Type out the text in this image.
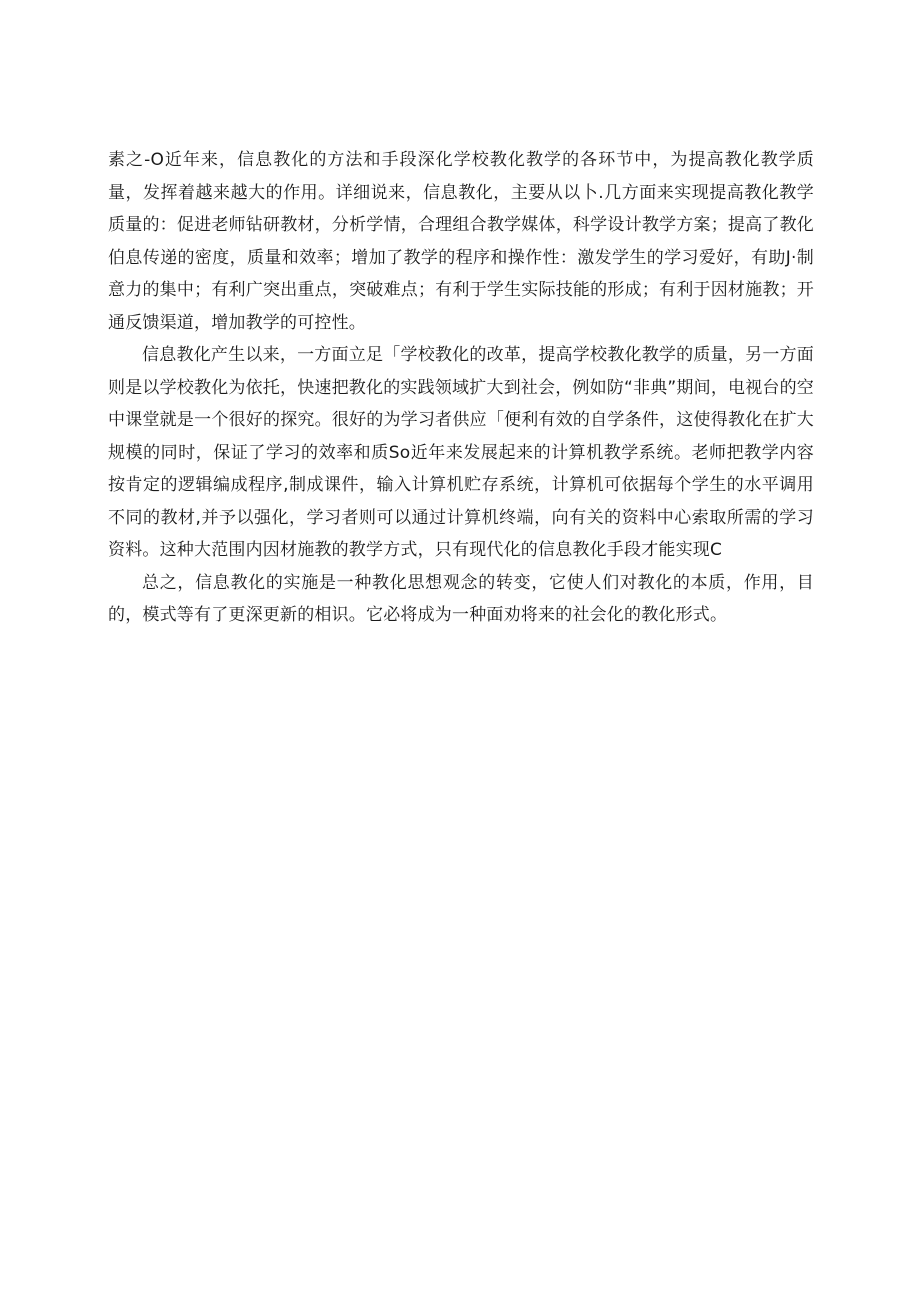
素之-O近年来，信息教化的方法和手段深化学校教化教学的各环节中，为提高教化教学质量，发挥着越来越大的作用。详细说来，信息教化，主要从以卜.几方面来实现提高教化教学质量的：促进老师钻研教材，分析学情，合理组合教学媒体，科学设计教学方案；提高了教化伯息传递的密度，质量和效率；增加了教学的程序和操作性：激发学生的学习爱好，有助J·制意力的集中；有利广突出重点，突破难点；有利于学生实际技能的形成；有利于因材施教；开通反馈渠道，增加教学的可控性。

信息教化产生以来，一方面立足「学校教化的改革，提高学校教化教学的质量，另一方面则是以学校教化为依托，快速把教化的实践领域扩大到社会，例如防“非典”期间，电视台的空中课堂就是一个很好的探究。很好的为学习者供应「便利有效的自学条件，这使得教化在扩大规模的同时，保证了学习的效率和质So近年来发展起来的计算机教学系统。老师把教学内容按肯定的逻辑编成程序,制成课件，输入计算机贮存系统，计算机可依据每个学生的水平调用不同的教材,并予以强化，学习者则可以通过计算机终端，向有关的资料中心索取所需的学习资料。这种大范围内因材施教的教学方式，只有现代化的信息教化手段才能实现C

总之，信息教化的实施是一种教化思想观念的转变，它使人们对教化的本质，作用，目的，模式等有了更深更新的相识。它必将成为一种面劝将来的社会化的教化形式。
